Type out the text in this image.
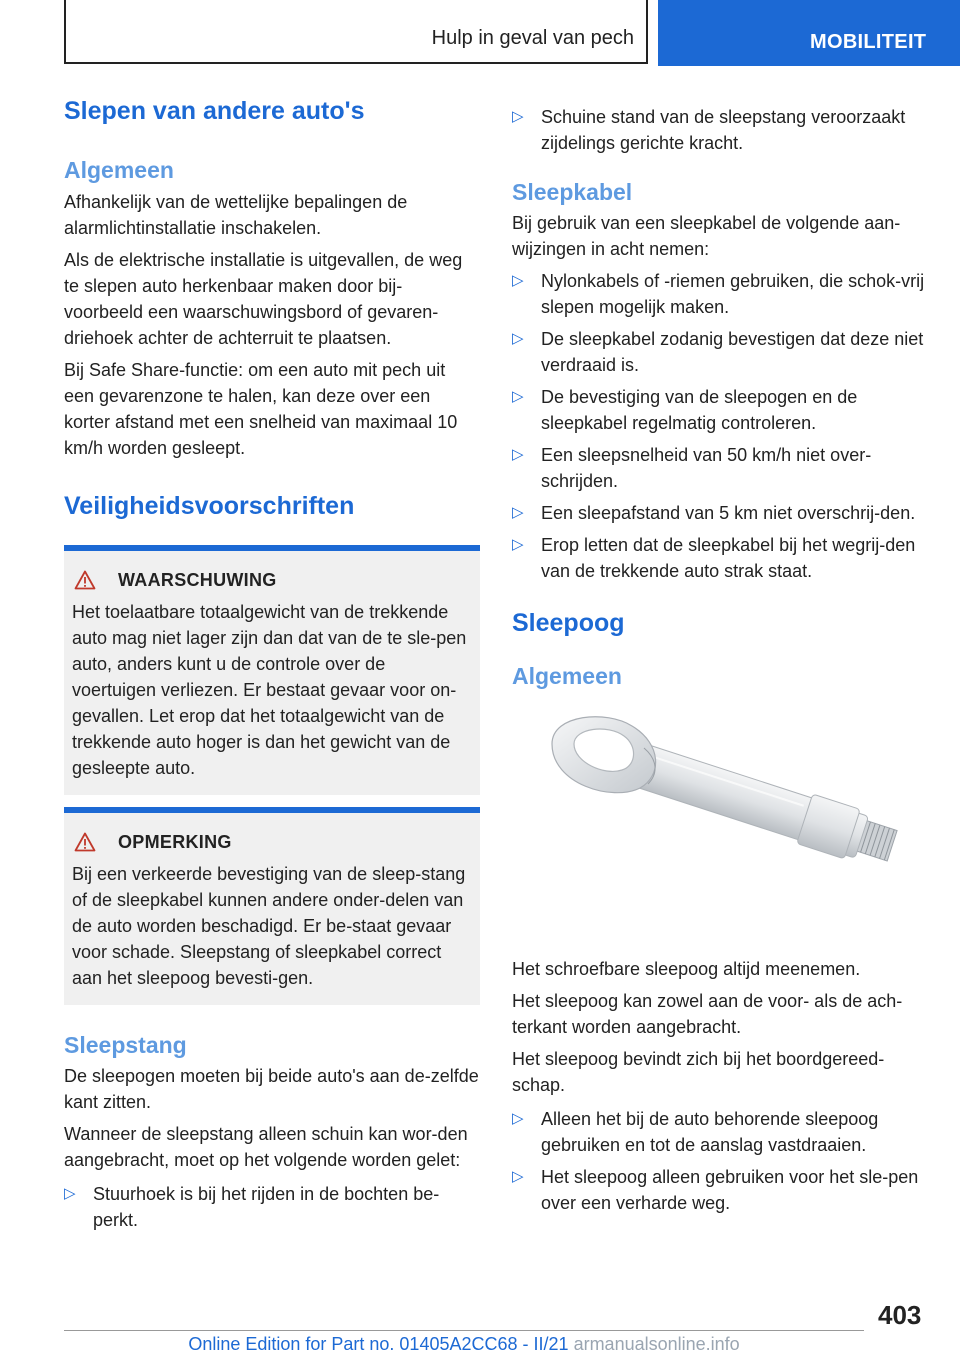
Hulp in geval van pech	MOBILITEIT
Slepen van andere auto's
Algemeen

Afhankelijk van de wettelijke bepalingen de alarmlichtinstallatie inschakelen.

Als de elektrische installatie is uitgevallen, de weg te slepen auto herkenbaar maken door bij-voorbeeld een waarschuwingsbord of gevaren-driehoek achter de achterruit te plaatsen.

Bij Safe Share-functie: om een auto mit pech uit een gevarenzone te halen, kan deze over een korter afstand met een snelheid van maximaal 10 km/h worden gesleept.

Veiligheidsvoorschriften
WAARSCHUWING

Het toelaatbare totaalgewicht van de trekkende auto mag niet lager zijn dan dat van de te sle-pen auto, anders kunt u de controle over de voertuigen verliezen. Er bestaat gevaar voor on-gevallen. Let erop dat het totaalgewicht van de trekkende auto hoger is dan het gewicht van de gesleepte auto.

OPMERKING

Bij een verkeerde bevestiging van de sleep-stang of de sleepkabel kunnen andere onder-delen van de auto worden beschadigd. Er be-staat gevaar voor schade. Sleepstang of sleepkabel correct aan het sleepoog bevesti-gen.

Sleepstang

De sleepogen moeten bij beide auto's aan de-zelfde kant zitten.

Wanneer de sleepstang alleen schuin kan wor-den aangebracht, moet op het volgende worden gelet:

▷ Stuurhoek is bij het rijden in de bochten be-perkt.
▷ Schuine stand van de sleepstang veroorzaakt zijdelings gerichte kracht.
Sleepkabel

Bij gebruik van een sleepkabel de volgende aan-wijzingen in acht nemen:

▷ Nylonkabels of -riemen gebruiken, die schok-vrij slepen mogelijk maken.
▷ De sleepkabel zodanig bevestigen dat deze niet verdraaid is.
▷ De bevestiging van de sleepogen en de sleepkabel regelmatig controleren.
▷ Een sleepsnelheid van 50 km/h niet over-schrijden.
▷ Een sleepafstand van 5 km niet overschrij-den.
▷ Erop letten dat de sleepkabel bij het wegrij-den van de trekkende auto strak staat.
Sleepoog
Algemeen

Het schroefbare sleepoog altijd meenemen.

Het sleepoog kan zowel aan de voor- als de ach-terkant worden aangebracht.

Het sleepoog bevindt zich bij het boordgereed-schap.

▷ Alleen het bij de auto behorende sleepoog gebruiken en tot de aanslag vastdraaien.
▷ Het sleepoog alleen gebruiken voor het sle-pen over een verharde weg.
403
Online Edition for Part no. 01405A2CC68 - II/21 armanualsonline.info
